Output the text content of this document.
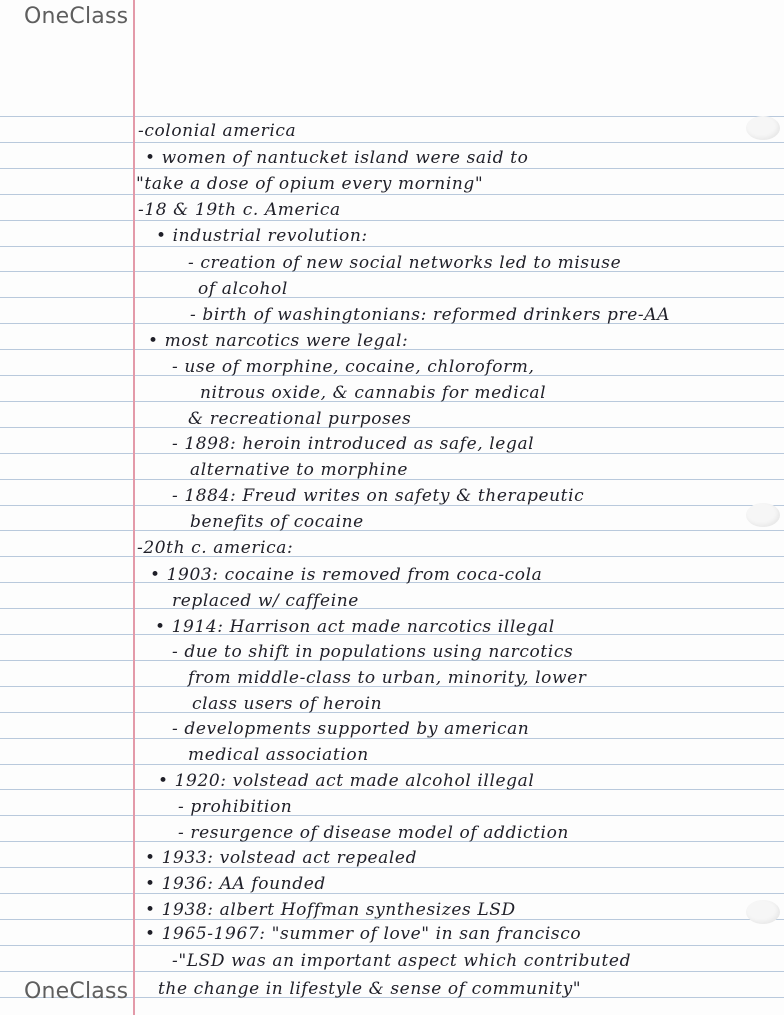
OneClass
OneClass
-colonial america
• women of nantucket island were said to
"take a dose of opium every morning"
-18 & 19th c. America
• industrial revolution:
- creation of new social networks led to misuse
of alcohol
- birth of washingtonians: reformed drinkers pre-AA
• most narcotics were legal:
- use of morphine, cocaine, chloroform,
nitrous oxide, & cannabis for medical
& recreational purposes
- 1898: heroin introduced as safe, legal
alternative to morphine
- 1884: Freud writes on safety & therapeutic
benefits of cocaine
-20th c. america:
• 1903: cocaine is removed from coca-cola
replaced w/ caffeine
• 1914: Harrison act made narcotics illegal
- due to shift in populations using narcotics
from middle-class to urban, minority, lower
class users of heroin
- developments supported by american
medical association
• 1920: volstead act made alcohol illegal
- prohibition
- resurgence of disease model of addiction
• 1933: volstead act repealed
• 1936: AA founded
• 1938: albert Hoffman synthesizes LSD
• 1965-1967: "summer of love" in san francisco
-"LSD was an important aspect which contributed
the change in lifestyle & sense of community"
